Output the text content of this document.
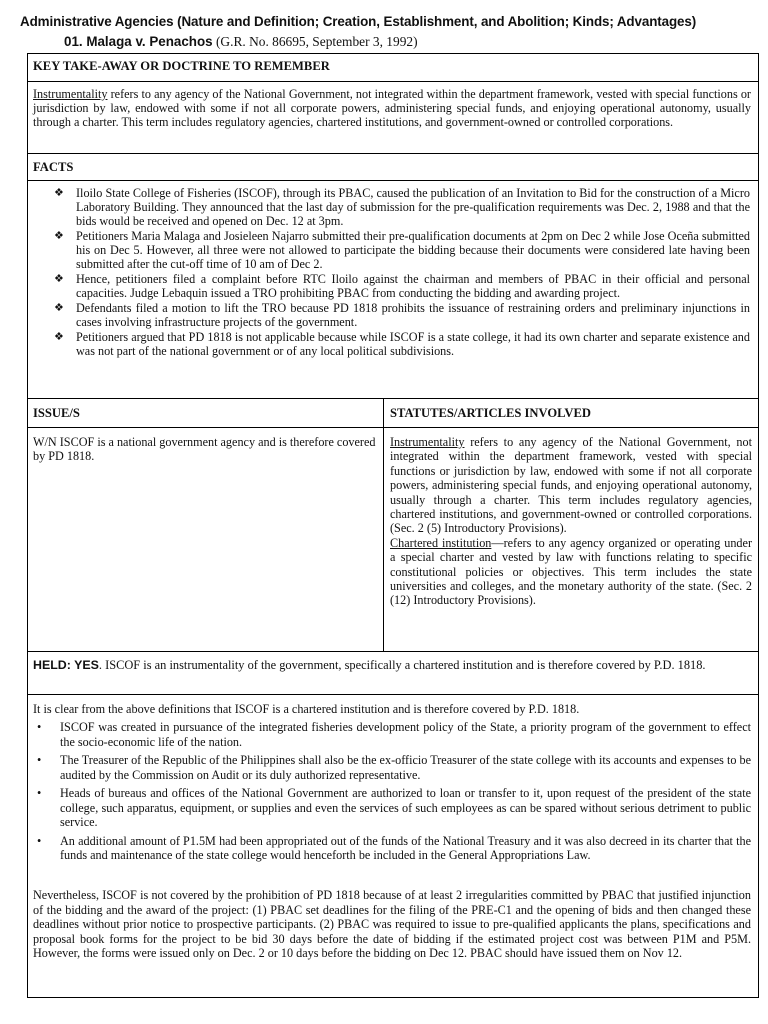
Administrative Agencies (Nature and Definition; Creation, Establishment, and Abolition; Kinds; Advantages)
01. Malaga v. Penachos (G.R. No. 86695, September 3, 1992)
KEY TAKE-AWAY OR DOCTRINE TO REMEMBER
Instrumentality refers to any agency of the National Government, not integrated within the department framework, vested with special functions or jurisdiction by law, endowed with some if not all corporate powers, administering special funds, and enjoying operational autonomy, usually through a charter. This term includes regulatory agencies, chartered institutions, and government-owned or controlled corporations.
FACTS
❖ Iloilo State College of Fisheries (ISCOF), through its PBAC, caused the publication of an Invitation to Bid for the construction of a Micro Laboratory Building. They announced that the last day of submission for the pre-qualification requirements was Dec. 2, 1988 and that the bids would be received and opened on Dec. 12 at 3pm.
❖ Petitioners Maria Malaga and Josieleen Najarro submitted their pre-qualification documents at 2pm on Dec 2 while Jose Oceña submitted his on Dec 5. However, all three were not allowed to participate the bidding because their documents were considered late having been submitted after the cut-off time of 10 am of Dec 2.
❖ Hence, petitioners filed a complaint before RTC Iloilo against the chairman and members of PBAC in their official and personal capacities. Judge Lebaquin issued a TRO prohibiting PBAC from conducting the bidding and awarding project.
❖ Defendants filed a motion to lift the TRO because PD 1818 prohibits the issuance of restraining orders and preliminary injunctions in cases involving infrastructure projects of the government.
❖ Petitioners argued that PD 1818 is not applicable because while ISCOF is a state college, it had its own charter and separate existence and was not part of the national government or of any local political subdivisions.
ISSUE/S	STATUTES/ARTICLES INVOLVED
W/N ISCOF is a national government agency and is therefore covered by PD 1818.
Instrumentality refers to any agency of the National Government, not integrated within the department framework, vested with special functions or jurisdiction by law, endowed with some if not all corporate powers, administering special funds, and enjoying operational autonomy, usually through a charter. This term includes regulatory agencies, chartered institutions, and government-owned or controlled corporations. (Sec. 2 (5) Introductory Provisions).
Chartered institution—refers to any agency organized or operating under a special charter and vested by law with functions relating to specific constitutional policies or objectives. This term includes the state universities and colleges, and the monetary authority of the state. (Sec. 2 (12) Introductory Provisions).
HELD: YES. ISCOF is an instrumentality of the government, specifically a chartered institution and is therefore covered by P.D. 1818.
It is clear from the above definitions that ISCOF is a chartered institution and is therefore covered by P.D. 1818.
• ISCOF was created in pursuance of the integrated fisheries development policy of the State, a priority program of the government to effect the socio-economic life of the nation.
• The Treasurer of the Republic of the Philippines shall also be the ex-officio Treasurer of the state college with its accounts and expenses to be audited by the Commission on Audit or its duly authorized representative.
• Heads of bureaus and offices of the National Government are authorized to loan or transfer to it, upon request of the president of the state college, such apparatus, equipment, or supplies and even the services of such employees as can be spared without serious detriment to public service.
• An additional amount of P1.5M had been appropriated out of the funds of the National Treasury and it was also decreed in its charter that the funds and maintenance of the state college would henceforth be included in the General Appropriations Law.
Nevertheless, ISCOF is not covered by the prohibition of PD 1818 because of at least 2 irregularities committed by PBAC that justified injunction of the bidding and the award of the project: (1) PBAC set deadlines for the filing of the PRE-C1 and the opening of bids and then changed these deadlines without prior notice to prospective participants. (2) PBAC was required to issue to pre-qualified applicants the plans, specifications and proposal book forms for the project to be bid 30 days before the date of bidding if the estimated project cost was between P1M and P5M. However, the forms were issued only on Dec. 2 or 10 days before the bidding on Dec 12. PBAC should have issued them on Nov 12.
